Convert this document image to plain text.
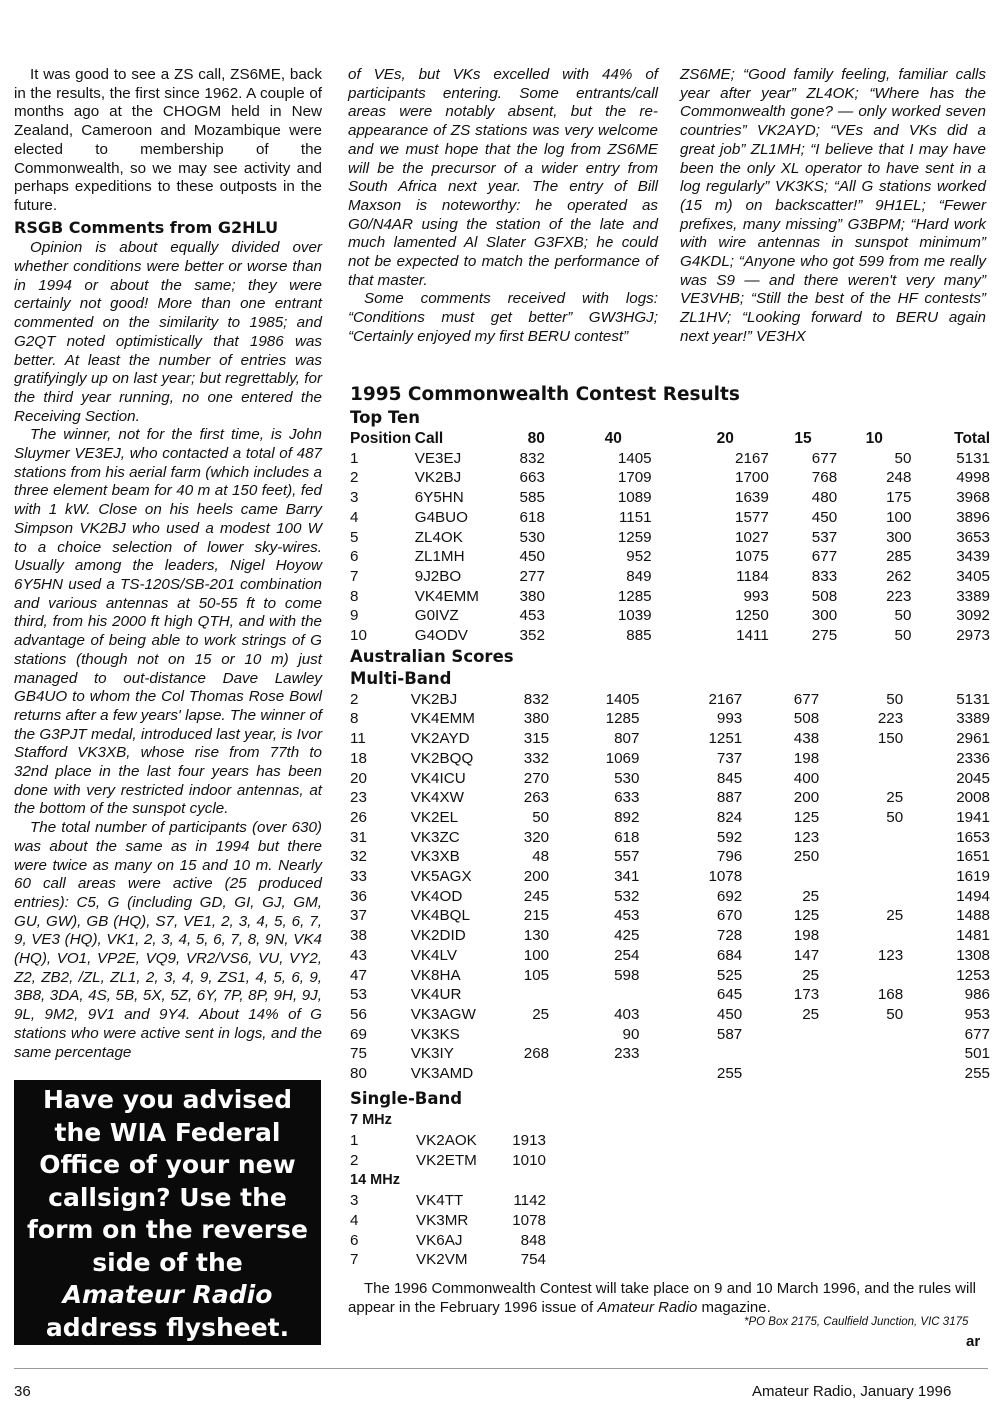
It was good to see a ZS call, ZS6ME, back in the results, the first since 1962. A couple of months ago at the CHOGM held in New Zealand, Cameroon and Mozambique were elected to membership of the Commonwealth, so we may see activity and perhaps expeditions to these outposts in the future.

RSGB Comments from G2HLU

Opinion is about equally divided over whether conditions were better or worse than in 1994 or about the same; they were certainly not good! More than one entrant commented on the similarity to 1985; and G2QT noted optimistically that 1986 was better. At least the number of entries was gratifyingly up on last year; but regrettably, for the third year running, no one entered the Receiving Section.

The winner, not for the first time, is John Sluymer VE3EJ, who contacted a total of 487 stations from his aerial farm (which includes a three element beam for 40 m at 150 feet), fed with 1 kW. Close on his heels came Barry Simpson VK2BJ who used a modest 100 W to a choice selection of lower sky-wires. Usually among the leaders, Nigel Hoyow 6Y5HN used a TS-120S/SB-201 combination and various antennas at 50-55 ft to come third, from his 2000 ft high QTH, and with the advantage of being able to work strings of G stations (though not on 15 or 10 m) just managed to out-distance Dave Lawley GB4UO to whom the Col Thomas Rose Bowl returns after a few years' lapse. The winner of the G3PJT medal, introduced last year, is Ivor Stafford VK3XB, whose rise from 77th to 32nd place in the last four years has been done with very restricted indoor antennas, at the bottom of the sunspot cycle.

The total number of participants (over 630) was about the same as in 1994 but there were twice as many on 15 and 10 m. Nearly 60 call areas were active (25 produced entries): C5, G (including GD, GI, GJ, GM, GU, GW), GB (HQ), S7, VE1, 2, 3, 4, 5, 6, 7, 9, VE3 (HQ), VK1, 2, 3, 4, 5, 6, 7, 8, 9N, VK4 (HQ), VO1, VP2E, VQ9, VR2/VS6, VU, VY2, Z2, ZB2, /ZL, ZL1, 2, 3, 4, 9, ZS1, 4, 5, 6, 9, 3B8, 3DA, 4S, 5B, 5X, 5Z, 6Y, 7P, 8P, 9H, 9J, 9L, 9M2, 9V1 and 9Y4. About 14% of G stations who were active sent in logs, and the same percentage

of VEs, but VKs excelled with 44% of participants entering. Some entrants/call areas were notably absent, but the re-appearance of ZS stations was very welcome and we must hope that the log from ZS6ME will be the precursor of a wider entry from South Africa next year. The entry of Bill Maxson is noteworthy: he operated as G0/N4AR using the station of the late and much lamented Al Slater G3FXB; he could not be expected to match the performance of that master.

Some comments received with logs: “Conditions must get better” GW3HGJ; “Certainly enjoyed my first BERU contest”

ZS6ME; “Good family feeling, familiar calls year after year” ZL4OK; “Where has the Commonwealth gone? — only worked seven countries” VK2AYD; “VEs and VKs did a great job” ZL1MH; “I believe that I may have been the only XL operator to have sent in a log regularly” VK3KS; “All G stations worked (15 m) on backscatter!” 9H1EL; “Fewer prefixes, many missing” G3BPM; “Hard work with wire antennas in sunspot minimum” G4KDL; “Anyone who got 599 from me really was S9 — and there weren't very many” VE3VHB; “Still the best of the HF contests” ZL1HV; “Looking forward to BERU again next year!” VE3HX

Have you advised
the WIA Federal
Office of your new
callsign? Use the
form on the reverse
side of the
Amateur Radio
address flysheet.
1995 Commonwealth Contest Results
Top Ten
Position	Call	80	40	20	15	10	Total
1	VE3EJ	832	1405	2167	677	50	5131
2	VK2BJ	663	1709	1700	768	248	4998
3	6Y5HN	585	1089	1639	480	175	3968
4	G4BUO	618	1151	1577	450	100	3896
5	ZL4OK	530	1259	1027	537	300	3653
6	ZL1MH	450	952	1075	677	285	3439
7	9J2BO	277	849	1184	833	262	3405
8	VK4EMM	380	1285	993	508	223	3389
9	G0IVZ	453	1039	1250	300	50	3092
10	G4ODV	352	885	1411	275	50	2973
Australian Scores
Multi-Band
2	VK2BJ	832	1405	2167	677	50	5131
8	VK4EMM	380	1285	993	508	223	3389
11	VK2AYD	315	807	1251	438	150	2961
18	VK2BQQ	332	1069	737	198		2336
20	VK4ICU	270	530	845	400		2045
23	VK4XW	263	633	887	200	25	2008
26	VK2EL	50	892	824	125	50	1941
31	VK3ZC	320	618	592	123		1653
32	VK3XB	48	557	796	250		1651
33	VK5AGX	200	341	1078			1619
36	VK4OD	245	532	692	25		1494
37	VK4BQL	215	453	670	125	25	1488
38	VK2DID	130	425	728	198		1481
43	VK4LV	100	254	684	147	123	1308
47	VK8HA	105	598	525	25		1253
53	VK4UR			645	173	168	986
56	VK3AGW	25	403	450	25	50	953
69	VK3KS		90	587			677
75	VK3IY	268	233				501
80	VK3AMD			255			255
Single-Band
7 MHz
1	VK2AOK	1913
2	VK2ETM	1010
14 MHz
3	VK4TT	1142
4	VK3MR	1078
6	VK6AJ	848
7	VK2VM	754

The 1996 Commonwealth Contest will take place on 9 and 10 March 1996, and the rules will appear in the February 1996 issue of Amateur Radio magazine.

*PO Box 2175, Caulfield Junction, VIC 3175
ar
36	Amateur Radio, January 1996
